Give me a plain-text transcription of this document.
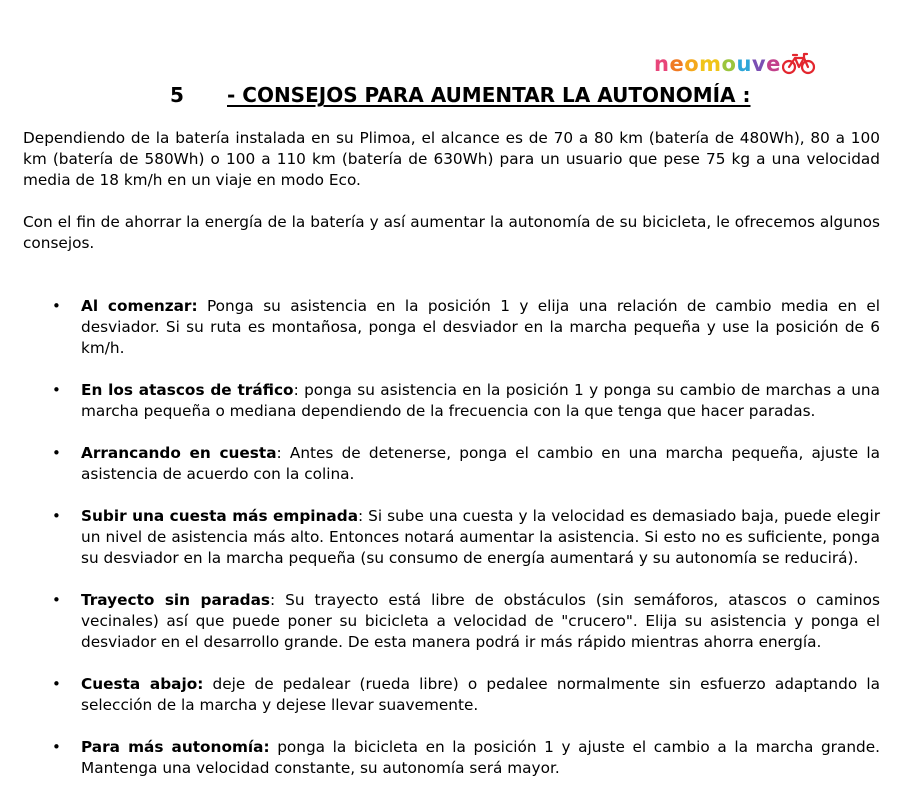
n e o m o u v e
5 - CONSEJOS PARA AUMENTAR LA AUTONOMÍA :

Dependiendo de la batería instalada en su Plimoa, el alcance es de 70 a 80 km (batería de 480Wh), 80 a 100 km (batería de 580Wh) o 100 a 110 km (batería de 630Wh) para un usuario que pese 75 kg a una velocidad media de 18 km/h en un viaje en modo Eco.

Con el fin de ahorrar la energía de la batería y así aumentar la autonomía de su bicicleta, le ofrecemos algunos consejos.

• Al comenzar: Ponga su asistencia en la posición 1 y elija una relación de cambio media en el desviador. Si su ruta es montañosa, ponga el desviador en la marcha pequeña y use la posición de 6 km/h.
• En los atascos de tráfico: ponga su asistencia en la posición 1 y ponga su cambio de marchas a una marcha pequeña o mediana dependiendo de la frecuencia con la que tenga que hacer paradas.
• Arrancando en cuesta: Antes de detenerse, ponga el cambio en una marcha pequeña, ajuste la asistencia de acuerdo con la colina.
• Subir una cuesta más empinada: Si sube una cuesta y la velocidad es demasiado baja, puede elegir un nivel de asistencia más alto. Entonces notará aumentar la asistencia. Si esto no es suficiente, ponga su desviador en la marcha pequeña (su consumo de energía aumentará y su autonomía se reducirá).
• Trayecto sin paradas: Su trayecto está libre de obstáculos (sin semáforos, atascos o caminos vecinales) así que puede poner su bicicleta a velocidad de "crucero". Elija su asistencia y ponga el desviador en el desarrollo grande. De esta manera podrá ir más rápido mientras ahorra energía.
• Cuesta abajo: deje de pedalear (rueda libre) o pedalee normalmente sin esfuerzo adaptando la selección de la marcha y dejese llevar suavemente.
• Para más autonomía: ponga la bicicleta en la posición 1 y ajuste el cambio a la marcha grande. Mantenga una velocidad constante, su autonomía será mayor.
